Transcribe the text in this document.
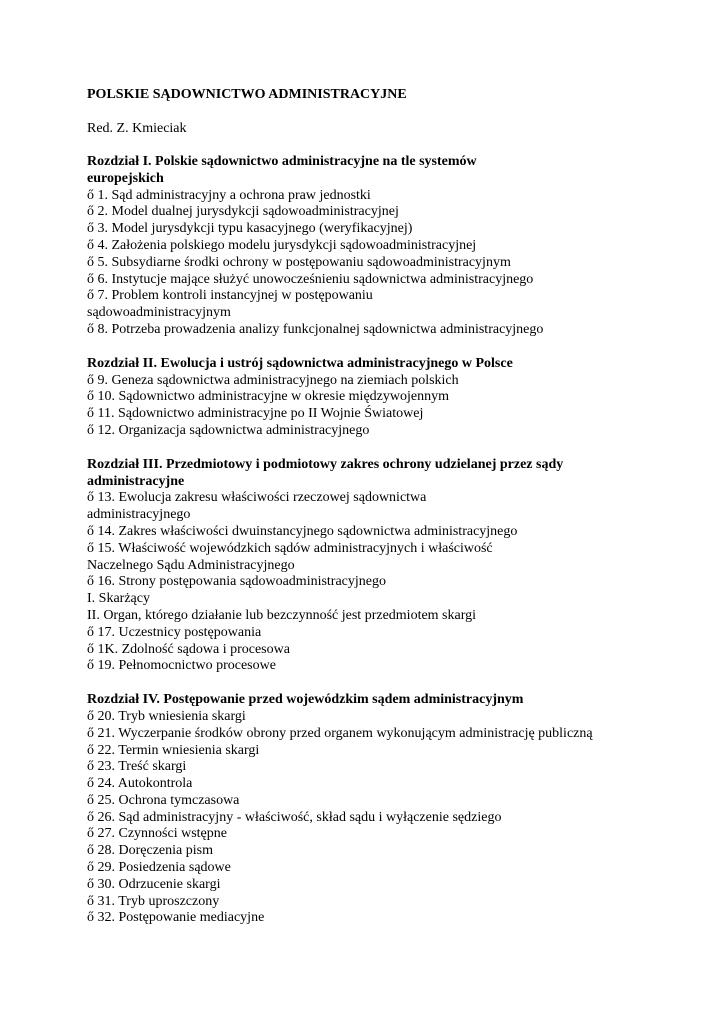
POLSKIE SĄDOWNICTWO ADMINISTRACYJNE

Red. Z. Kmieciak

Rozdział I. Polskie sądownictwo administracyjne na tle systemów europejskich

ő 1. Sąd administracyjny a ochrona praw jednostki

ő 2. Model dualnej jurysdykcji sądowoadministracyjnej

ő 3. Model jurysdykcji typu kasacyjnego (weryfikacyjnej)

ő 4. Założenia polskiego modelu jurysdykcji sądowoadministracyjnej

ő 5. Subsydiarne środki ochrony w postępowaniu sądowoadministracyjnym

ő 6. Instytucje mające służyć unowocześnieniu sądownictwa administracyjnego

ő 7. Problem kontroli instancyjnej w postępowaniu sądowoadministracyjnym

ő 8. Potrzeba prowadzenia analizy funkcjonalnej sądownictwa administracyjnego

Rozdział II. Ewolucja i ustrój sądownictwa administracyjnego w Polsce

ő 9. Geneza sądownictwa administracyjnego na ziemiach polskich

ő 10. Sądownictwo administracyjne w okresie międzywojennym

ő 11. Sądownictwo administracyjne po II Wojnie Światowej

ő 12. Organizacja sądownictwa administracyjnego

Rozdział III. Przedmiotowy i podmiotowy zakres ochrony udzielanej przez sądy administracyjne

ő 13. Ewolucja zakresu właściwości rzeczowej sądownictwa administracyjnego

ő 14. Zakres właściwości dwuinstancyjnego sądownictwa administracyjnego

ő 15. Właściwość wojewódzkich sądów administracyjnych i właściwość Naczelnego Sądu Administracyjnego

ő 16. Strony postępowania sądowoadministracyjnego

I. Skarżący

II. Organ, którego działanie lub bezczynność jest przedmiotem skargi

ő 17. Uczestnicy postępowania

ő 1K. Zdolność sądowa i procesowa

ő 19. Pełnomocnictwo procesowe

Rozdział IV. Postępowanie przed wojewódzkim sądem administracyjnym

ő 20. Tryb wniesienia skargi

ő 21. Wyczerpanie środków obrony przed organem wykonującym administrację publiczną

ő 22. Termin wniesienia skargi

ő 23. Treść skargi

ő 24. Autokontrola

ő 25. Ochrona tymczasowa

ő 26. Sąd administracyjny - właściwość, skład sądu i wyłączenie sędziego

ő 27. Czynności wstępne

ő 28. Doręczenia pism

ő 29. Posiedzenia sądowe

ő 30. Odrzucenie skargi

ő 31. Tryb uproszczony

ő 32. Postępowanie mediacyjne
